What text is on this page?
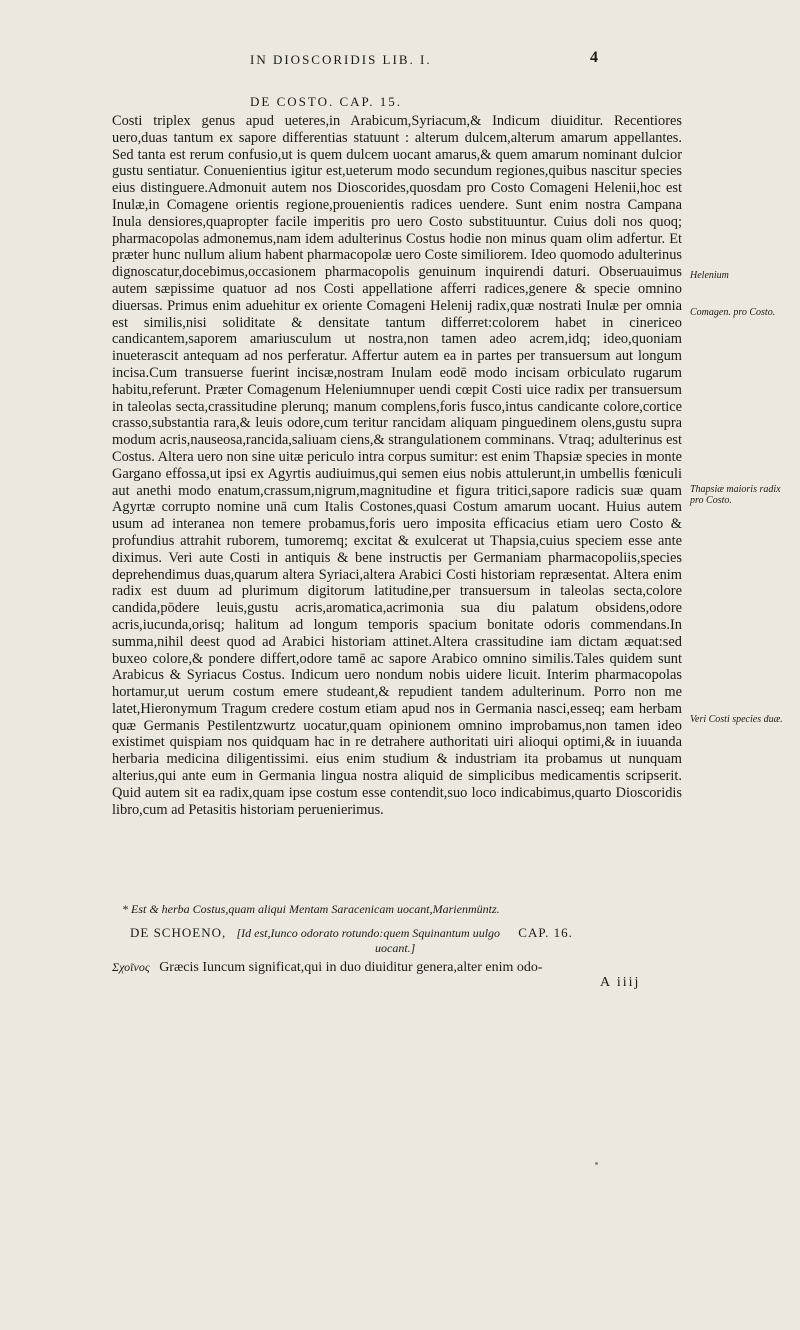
IN DIOSCORIDIS LIB. I.	4
DE COSTO. CAP. 15.

Costi triplex genus apud ueteres,in Arabicum,Syriacum,& Indicum diuiditur. Recentiores uero,duas tantum ex sapore differentias statuunt : alterum dulcem,alterum amarum appellantes. Sed tanta est rerum confusio,ut is quem dulcem uocant amarus,& quem amarum nominant dulcior gustu sentiatur. Conuenientius igitur est,ueterum modo secundum regiones,quibus nascitur species eius distinguere.Admonuit autem nos Dioscorides,quosdam pro Costo Comageni Helenii,hoc est Inulæ,in Comagene orientis regione,prouenientis radices uendere. Sunt enim nostra Campana Inula densiores,quapropter facile imperitis pro uero Costo substituuntur. Cuius doli nos quoq; pharmacopolas admonemus,nam idem adulterinus Costus hodie non minus quam olim adfertur. Et præter hunc nullum alium habent pharmacopolæ uero Coste similiorem. Ideo quomodo adulterinus dignoscatur,docebimus,occasionem pharmacopolis genuinum inquirendi daturi. Obseruauimus autem sæpissime quatuor ad nos Costi appellatione afferri radices,genere & specie omnino diuersas. Primus enim aduehitur ex oriente Comageni Helenij radix,quæ nostrati Inulæ per omnia est similis,nisi soliditate & densitate tantum differret:colorem habet in cinericeo candicantem,saporem amariusculum ut nostra,non tamen adeo acrem,idq; ideo,quoniam inueterascit antequam ad nos perferatur. Affertur autem ea in partes per transuersum aut longum incisa.Cum transuerse fuerint incisæ,nostram Inulam eodē modo incisam orbiculato rugarum habitu,referunt. Præter Comagenum Heleniumnuper uendi cœpit Costi uice radix per transuersum in taleolas secta,crassitudine plerunq; manum complens,foris fusco,intus candicante colore,cortice crasso,substantia rara,& leuis odore,cum teritur rancidam aliquam pinguedinem olens,gustu supra modum acris,nauseosa,rancida,saliuam ciens,& strangulationem comminans. Vtraq; adulterinus est Costus. Altera uero non sine uitæ periculo intra corpus sumitur: est enim Thapsiæ species in monte Gargano effossa,ut ipsi ex Agyrtis audiuimus,qui semen eius nobis attulerunt,in umbellis fœniculi aut anethi modo enatum,crassum,nigrum,magnitudine et figura tritici,sapore radicis suæ quam Agyrtæ corrupto nomine unā cum Italis Costones,quasi Costum amarum uocant. Huius autem usum ad interanea non temere probamus,foris uero imposita efficacius etiam uero Costo & profundius attrahit ruborem, tumoremq; excitat & exulcerat ut Thapsia,cuius speciem esse ante diximus. Veri aute Costi in antiquis & bene instructis per Germaniam pharmacopoliis,species deprehendimus duas,quarum altera Syriaci,altera Arabici Costi historiam repræsentat. Altera enim radix est duum ad plurimum digitorum latitudine,per transuersum in taleolas secta,colore candida,pōdere leuis,gustu acris,aromatica,acrimonia sua diu palatum obsidens,odore acris,iucunda,orisq; halitum ad longum temporis spacium bonitate odoris commendans.In summa,nihil deest quod ad Arabici historiam attinet.Altera crassitudine iam dictam æquat:sed buxeo colore,& pondere differt,odore tamē ac sapore Arabico omnino similis.Tales quidem sunt Arabicus & Syriacus Costus. Indicum uero nondum nobis uidere licuit. Interim pharmacopolas hortamur,ut uerum costum emere studeant,& repudient tandem adulterinum. Porro non me latet,Hieronymum Tragum credere costum etiam apud nos in Germania nasci,esseq; eam herbam quæ Germanis Pestilentzwurtz uocatur,quam opinionem omnino improbamus,non tamen ideo existimet quispiam nos quidquam hac in re detrahere authoritati uiri alioqui optimi,& in iuuanda herbaria medicina diligentissimi. eius enim studium & industriam ita probamus ut nunquam alterius,qui ante eum in Germania lingua nostra aliquid de simplicibus medicamentis scripserit. Quid autem sit ea radix,quam ipse costum esse contendit,suo loco indicabimus,quarto Dioscoridis libro,cum ad Petasitis historiam peruenierimus.

Helenium
Comagen. pro Costo.
Thapsiæ maioris radix pro Costo.
Veri Costi species duæ.
* Est & herba Costus,quam aliqui Mentam Saracenicam uocant,Marienmüntz.
DE SCHOENO, [Id est,Iunco odorato rotundo:quem Squinantum uulgo CAP. 16.
uocant.]
Σχοῖνος Græcis Iuncum significat,qui in duo diuiditur genera,alter enim odo-
A iiij
